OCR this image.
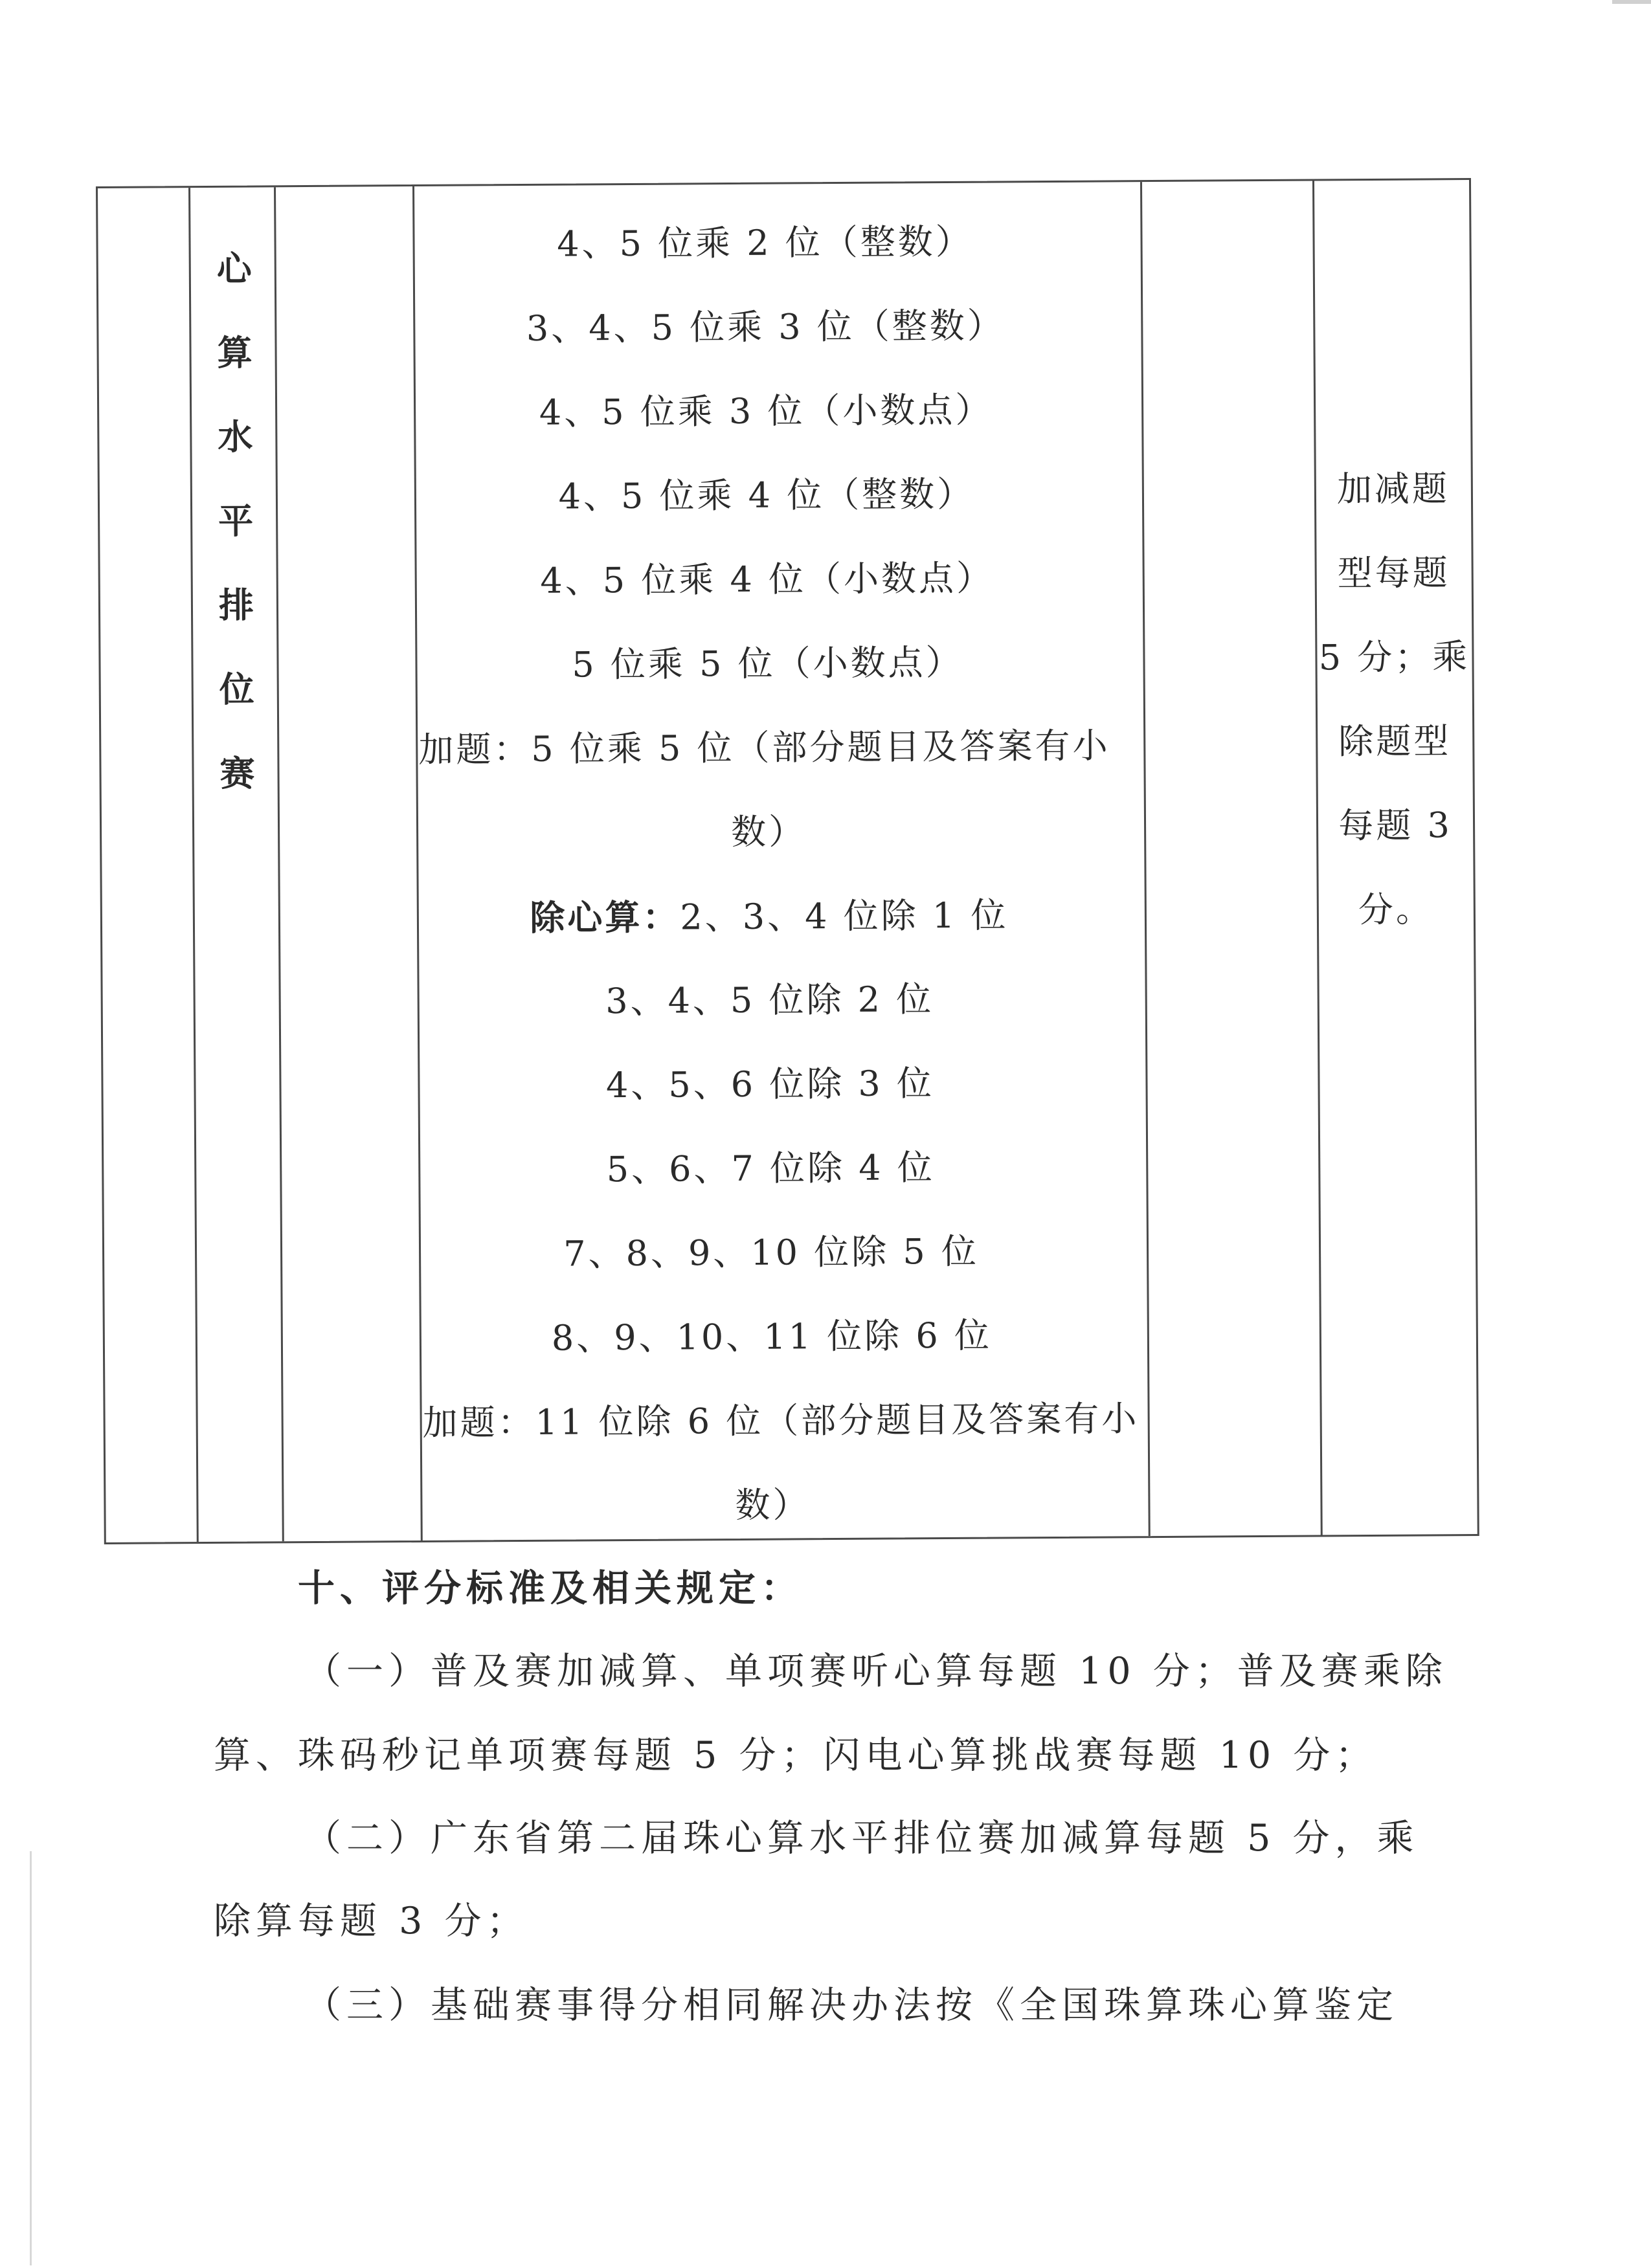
心
算
水
平
排
位
赛
4、5 位乘 2 位（整数）
3、4、5 位乘 3 位（整数）
4、5 位乘 3 位（小数点）
4、5 位乘 4 位（整数）
4、5 位乘 4 位（小数点）
5 位乘 5 位（小数点）
加题：5 位乘 5 位（部分题目及答案有小
数）
除心算：2、3、4 位除 1 位
3、4、5 位除 2 位
4、5、6 位除 3 位
5、6、7 位除 4 位
7、8、9、10 位除 5 位
8、9、10、11 位除 6 位
加题：11 位除 6 位（部分题目及答案有小
数）
加减题
型每题
5 分；乘
除题型
每题 3
分。
十、评分标准及相关规定：
（一）普及赛加减算、单项赛听心算每题 10 分；普及赛乘除
算、珠码秒记单项赛每题 5 分；闪电心算挑战赛每题 10 分；
（二）广东省第二届珠心算水平排位赛加减算每题 5 分，乘
除算每题 3 分；
（三）基础赛事得分相同解决办法按《全国珠算珠心算鉴定
